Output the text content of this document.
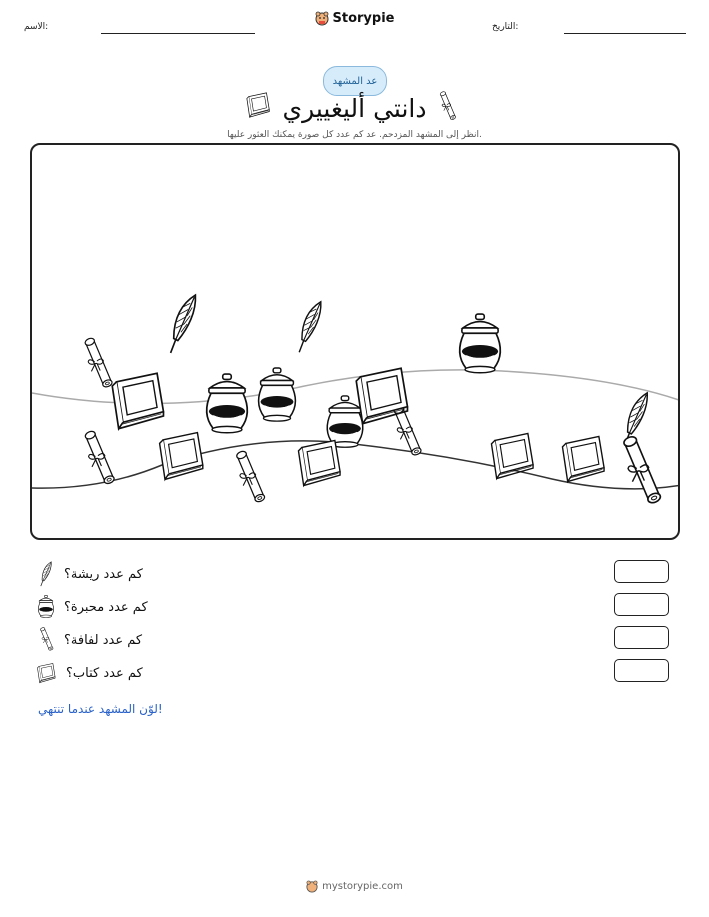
الاسم:	التاريخ:
Storypie
عد المشهد
دانتي أليغييري
انظر إلى المشهد المزدحم. عد كم عدد كل صورة يمكنك العثور عليها.
كم عدد ريشة؟
كم عدد محبرة؟
كم عدد لفافة؟
كم عدد كتاب؟
لوّن المشهد عندما تنتهي!
mystorypie.com
